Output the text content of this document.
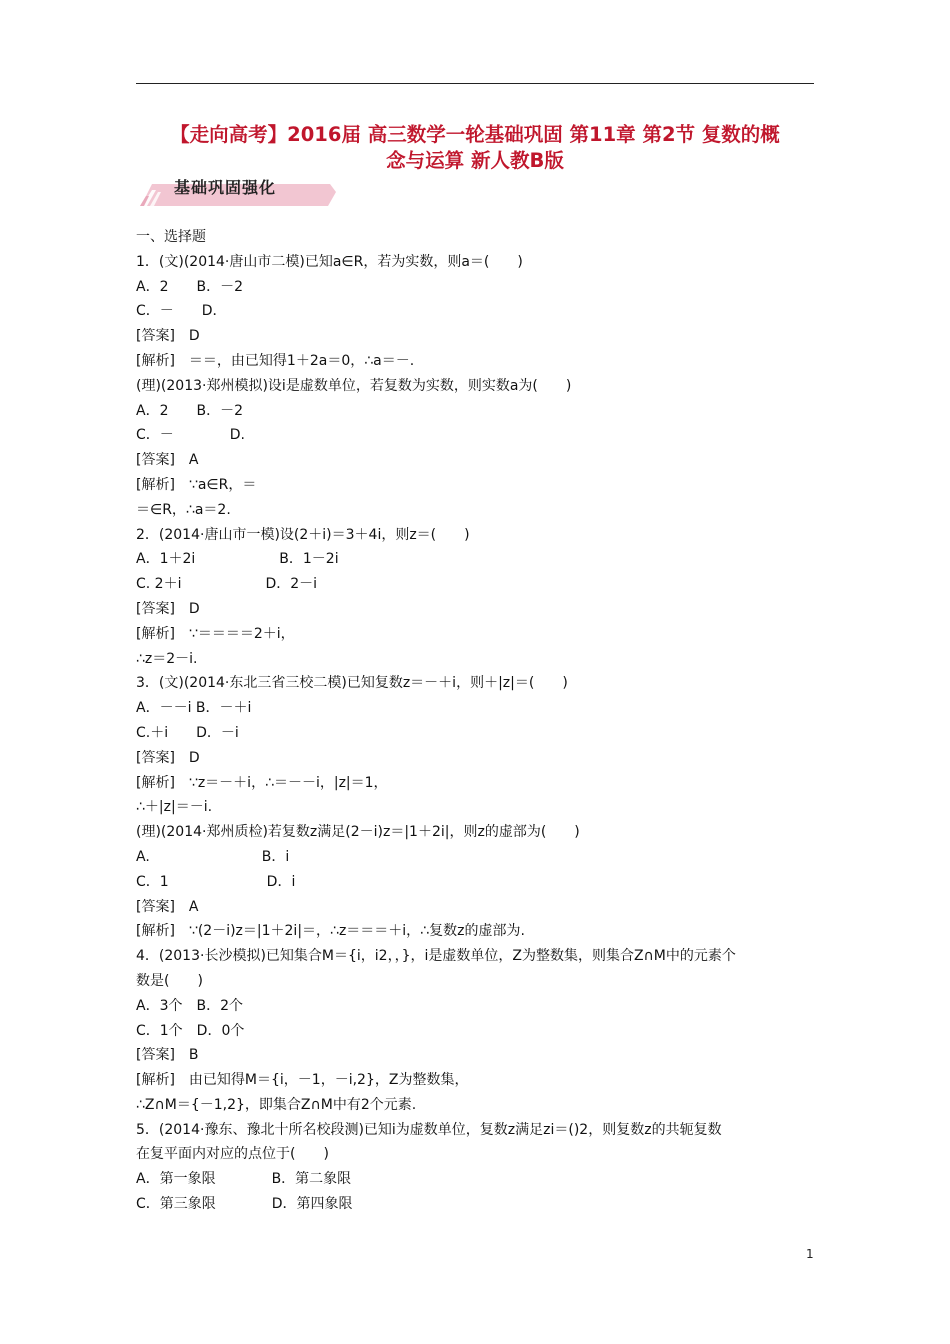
【走向高考】2016届 高三数学一轮基础巩固 第11章 第2节 复数的概
念与运算 新人教B版
基础巩固强化
一、选择题
1．(文)(2014·唐山市二模)已知a∈R，若为实数，则a＝(　　)
A．2　　B．－2
C．－　　D．
[答案]　D
[解析]　＝＝，由已知得1＋2a＝0，∴a＝－.
(理)(2013·郑州模拟)设i是虚数单位，若复数为实数，则实数a为(　　)
A．2　　B．－2
C．－　　　　D.
[答案]　A
[解析]　∵a∈R，＝
＝∈R，∴a＝2.
2．(2014·唐山市一模)设(2＋i)＝3＋4i，则z＝(　　)
A．1＋2i　　　　　　B．1－2i
C. 2＋i　　　　　　D．2－i
[答案]　D
[解析]　∵＝＝＝＝2＋i，
∴z＝2－i.
3．(文)(2014·东北三省三校二模)已知复数z＝－＋i，则＋|z|＝(　　)
A．－－i B．－＋i
C.＋i　　D．－i
[答案]　D
[解析]　∵z＝－＋i，∴＝－－i，|z|＝1，
∴＋|z|＝－i.
(理)(2014·郑州质检)若复数z满足(2－i)z＝|1＋2i|，则z的虚部为(　　)
A.　　　　　　　　B．i
C．1　　　　　　　D．i
[答案]　A
[解析]　∵(2－i)z＝|1＋2i|＝，∴z＝＝＝＋i，∴复数z的虚部为.
4．(2013·长沙模拟)已知集合M＝{i，i2，，}，i是虚数单位，Z为整数集，则集合Z∩M中的元素个
数是(　　)
A．3个　B．2个
C．1个　D．0个
[答案]　B
[解析]　由已知得M＝{i，－1，－i,2}，Z为整数集，
∴Z∩M＝{－1,2}，即集合Z∩M中有2个元素.
5．(2014·豫东、豫北十所名校段测)已知i为虚数单位，复数z满足zi＝()2，则复数z的共轭复数
在复平面内对应的点位于(　　)
A．第一象限　　　　B．第二象限
C．第三象限　　　　D．第四象限
1
